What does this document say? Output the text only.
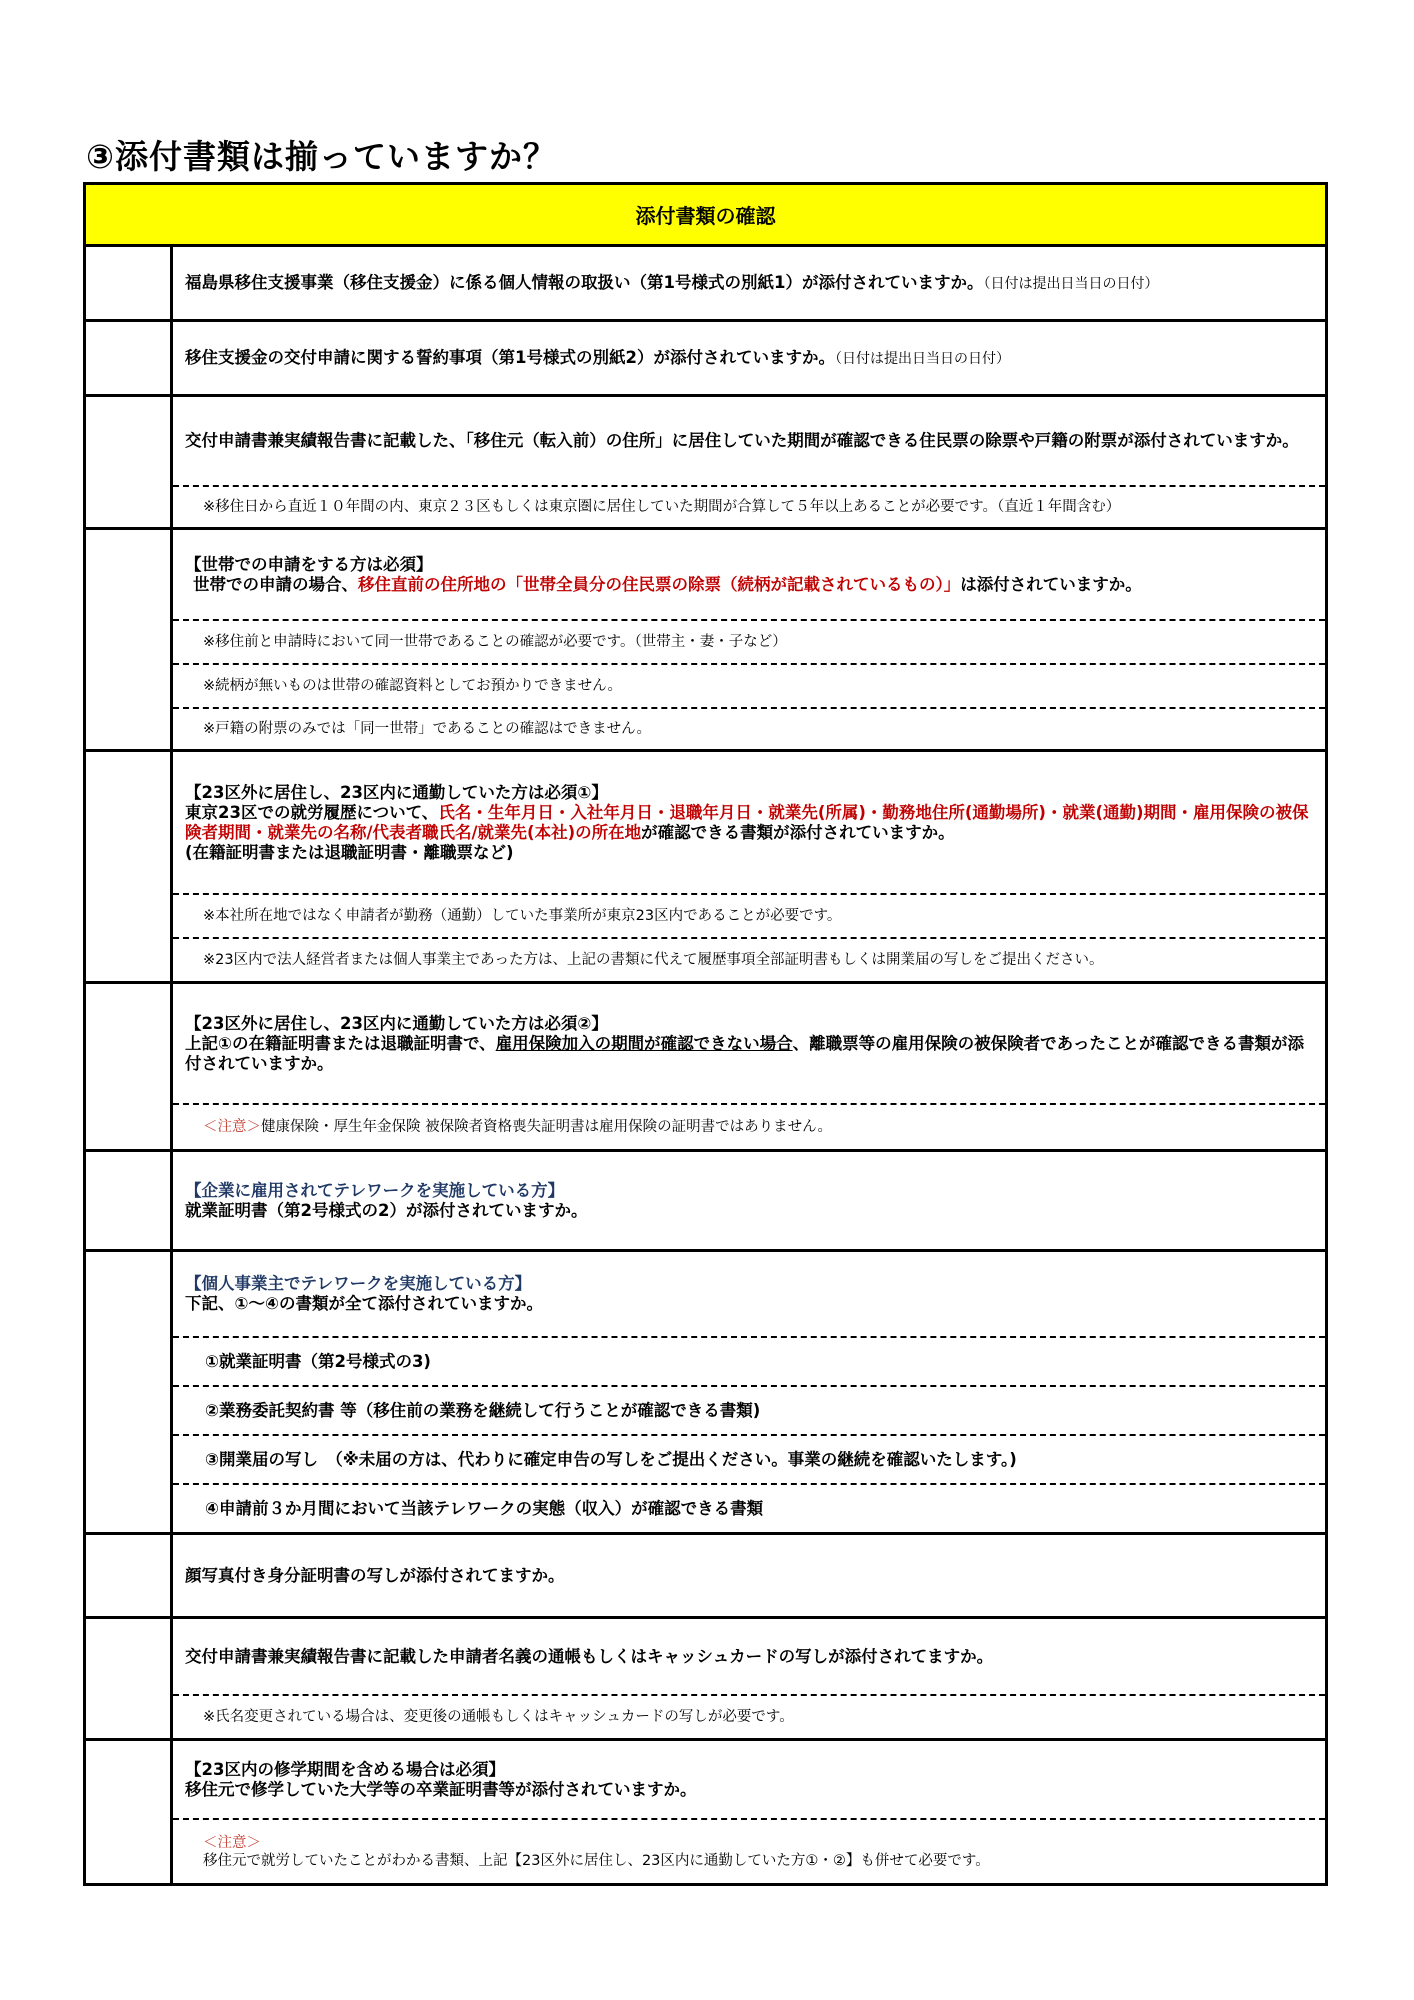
③添付書類は揃っていますか？
添付書類の確認
福島県移住支援事業（移住支援金）に係る個人情報の取扱い（第1号様式の別紙1）が添付されていますか。（日付は提出日当日の日付）
移住支援金の交付申請に関する誓約事項（第1号様式の別紙2）が添付されていますか。（日付は提出日当日の日付）
交付申請書兼実績報告書に記載した、「移住元（転入前）の住所」に居住していた期間が確認できる住民票の除票や戸籍の附票が添付されていますか。
※移住日から直近１０年間の内、東京２３区もしくは東京圏に居住していた期間が合算して５年以上あることが必要です。（直近１年間含む）
【世帯での申請をする方は必須】
世帯での申請の場合、移住直前の住所地の「世帯全員分の住民票の除票（続柄が記載されているもの）」は添付されていますか。
※移住前と申請時において同一世帯であることの確認が必要です。（世帯主・妻・子など）
※続柄が無いものは世帯の確認資料としてお預かりできません。
※戸籍の附票のみでは「同一世帯」であることの確認はできません。
【23区外に居住し、23区内に通勤していた方は必須①】
東京23区での就労履歴について、氏名・生年月日・入社年月日・退職年月日・就業先(所属)・勤務地住所(通勤場所)・就業(通勤)期間・雇用保険の被保険者期間・就業先の名称/代表者職氏名/就業先(本社)の所在地が確認できる書類が添付されていますか。
(在籍証明書または退職証明書・離職票など)
※本社所在地ではなく申請者が勤務（通勤）していた事業所が東京23区内であることが必要です。
※23区内で法人経営者または個人事業主であった方は、上記の書類に代えて履歴事項全部証明書もしくは開業届の写しをご提出ください。
【23区外に居住し、23区内に通勤していた方は必須②】
上記①の在籍証明書または退職証明書で、雇用保険加入の期間が確認できない場合、離職票等の雇用保険の被保険者であったことが確認できる書類が添付されていますか。
＜注意＞健康保険・厚生年金保険 被保険者資格喪失証明書は雇用保険の証明書ではありません。
【企業に雇用されてテレワークを実施している方】
就業証明書（第2号様式の2）が添付されていますか。
【個人事業主でテレワークを実施している方】
下記、①～④の書類が全て添付されていますか。
①就業証明書（第2号様式の3)
②業務委託契約書 等（移住前の業務を継続して行うことが確認できる書類)
③開業届の写し　（※未届の方は、代わりに確定申告の写しをご提出ください。事業の継続を確認いたします。)
④申請前３か月間において当該テレワークの実態（収入）が確認できる書類
顔写真付き身分証明書の写しが添付されてますか。
交付申請書兼実績報告書に記載した申請者名義の通帳もしくはキャッシュカードの写しが添付されてますか。
※氏名変更されている場合は、変更後の通帳もしくはキャッシュカードの写しが必要です。
【23区内の修学期間を含める場合は必須】
移住元で修学していた大学等の卒業証明書等が添付されていますか。
＜注意＞
移住元で就労していたことがわかる書類、上記【23区外に居住し、23区内に通勤していた方①・②】も併せて必要です。
